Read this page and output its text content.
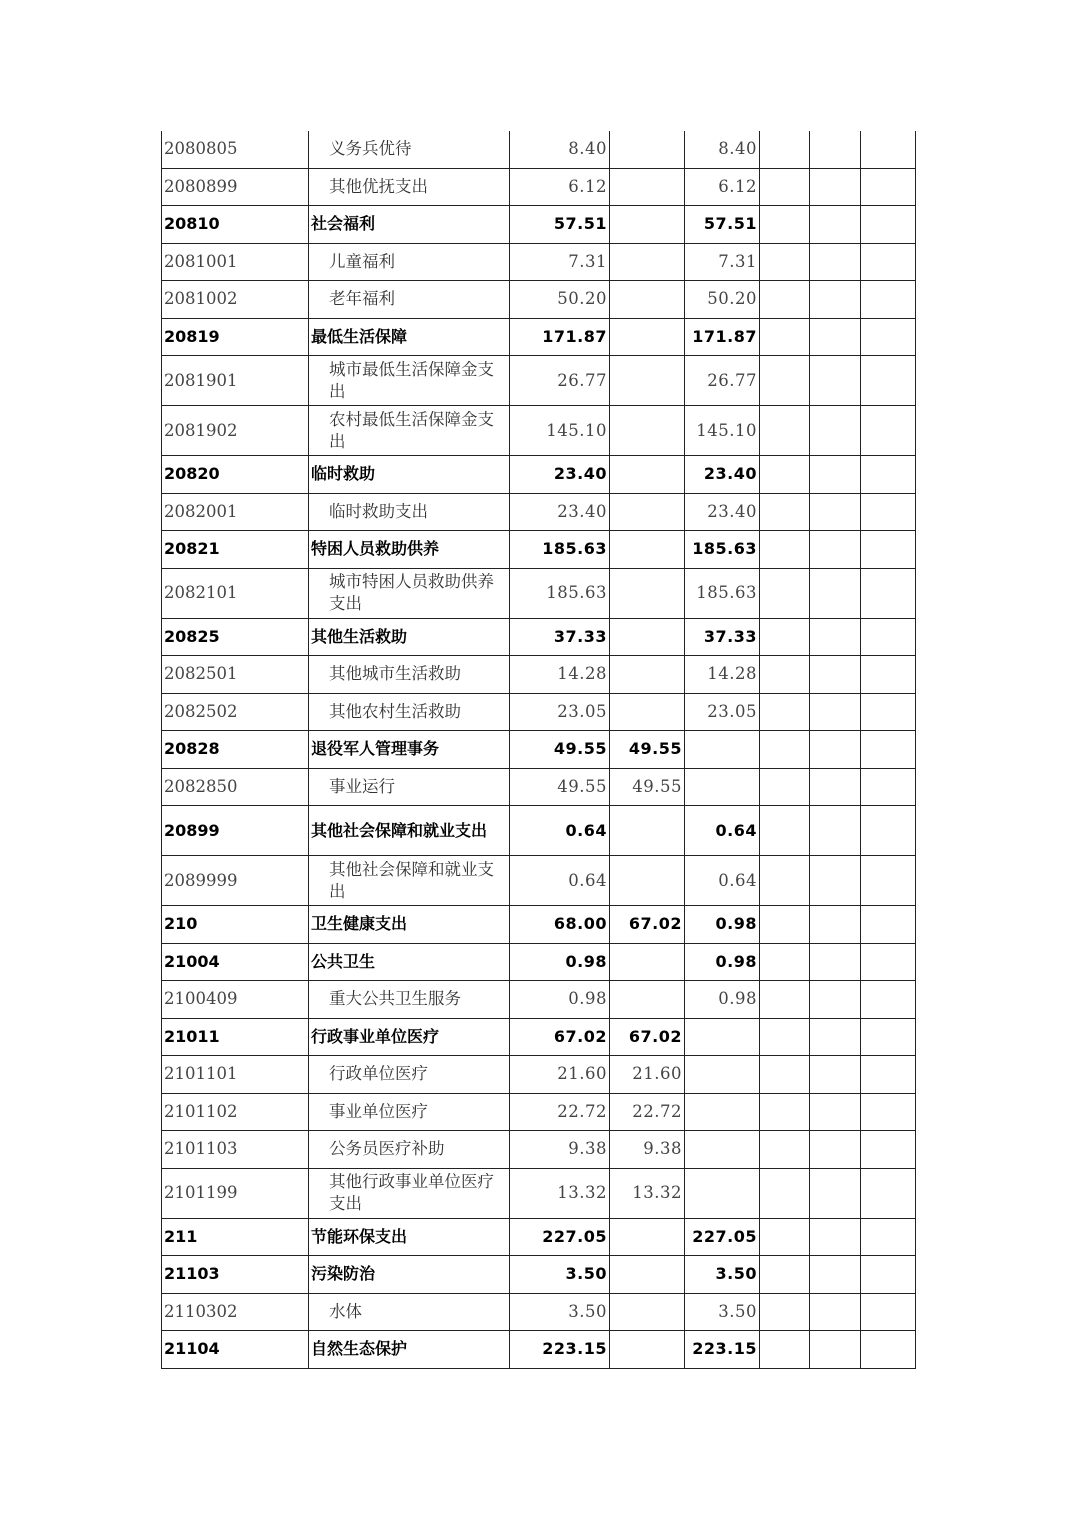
2080805	义务兵优待	8.40		8.40			
2080899	其他优抚支出	6.12		6.12			
20810	社会福利	57.51		57.51			
2081001	儿童福利	7.31		7.31			
2081002	老年福利	50.20		50.20			
20819	最低生活保障	171.87		171.87			
2081901	城市最低生活保障金支出	26.77		26.77			
2081902	农村最低生活保障金支出	145.10		145.10			
20820	临时救助	23.40		23.40			
2082001	临时救助支出	23.40		23.40			
20821	特困人员救助供养	185.63		185.63			
2082101	城市特困人员救助供养支出	185.63		185.63			
20825	其他生活救助	37.33		37.33			
2082501	其他城市生活救助	14.28		14.28			
2082502	其他农村生活救助	23.05		23.05			
20828	退役军人管理事务	49.55	49.55				
2082850	事业运行	49.55	49.55				
20899	其他社会保障和就业支出	0.64		0.64			
2089999	其他社会保障和就业支出	0.64		0.64			
210	卫生健康支出	68.00	67.02	0.98			
21004	公共卫生	0.98		0.98			
2100409	重大公共卫生服务	0.98		0.98			
21011	行政事业单位医疗	67.02	67.02				
2101101	行政单位医疗	21.60	21.60				
2101102	事业单位医疗	22.72	22.72				
2101103	公务员医疗补助	9.38	9.38				
2101199	其他行政事业单位医疗支出	13.32	13.32				
211	节能环保支出	227.05		227.05			
21103	污染防治	3.50		3.50			
2110302	水体	3.50		3.50			
21104	自然生态保护	223.15		223.15			
